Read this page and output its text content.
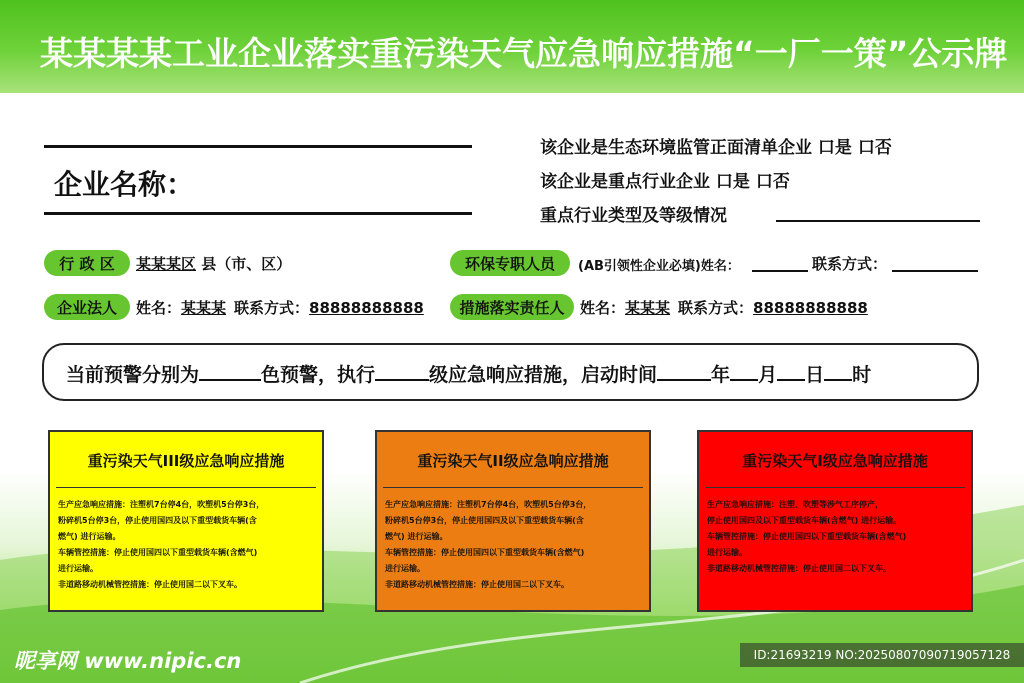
某某某某工业企业落实重污染天气应急响应措施“一厂一策”公示牌
企业名称：
该企业是生态环境监管正面清单企业 口是 口否
该企业是重点行业企业 口是 口否
重点行业类型及等级情况
行 政 区	某某某区 县（市、区）	环保专职人员	(AB引领性企业必填)姓名：	联系方式：
企业法人	姓名：某某某 联系方式：88888888888	措施落实责任人	姓名：某某某 联系方式：88888888888
当前预警分别为	色预警，执行	级应急响应措施，启动时间	年 月 日 时
重污染天气III级应急响应措施

生产应急响应措施：注塑机7台停4台，吹塑机5台停3台，

粉碎机5台停3台，停止使用国四及以下重型载货车辆(含

燃气) 进行运输。

车辆管控措施：停止使用国四以下重型载货车辆(含燃气)

进行运输。

非道路移动机械管控措施：停止使用国二以下叉车。

重污染天气II级应急响应措施

生产应急响应措施：注塑机7台停4台，吹塑机5台停3台，

粉碎机5台停3台，停止使用国四及以下重型载货车辆(含

燃气) 进行运输。

车辆管控措施：停止使用国四以下重型载货车辆(含燃气)

进行运输。

非道路移动机械管控措施：停止使用国二以下叉车。

重污染天气I级应急响应措施

生产应急响应措施：注塑、吹塑等涉气工序停产，

停止使用国四及以下重型载货车辆(含燃气) 进行运输。

车辆管控措施：停止使用国四以下重型载货车辆(含燃气)

进行运输。

非道路移动机械管控措施：停止使用国二以下叉车。

昵享网 www.nipic.cn	ID:21693219 NO:20250807090719057128
